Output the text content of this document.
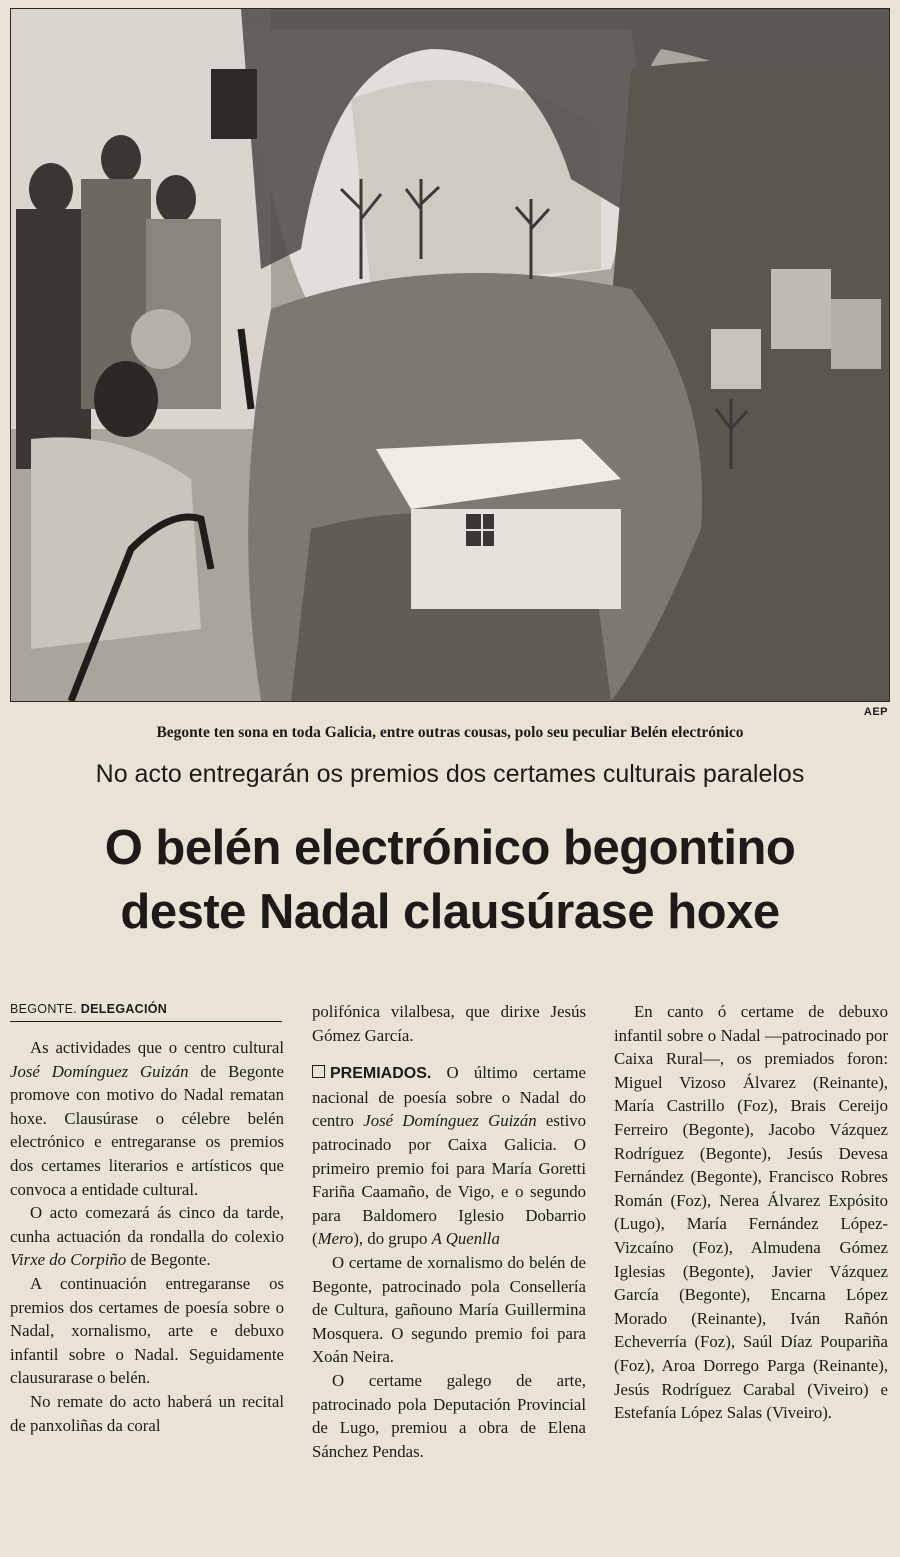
AEP
Begonte ten sona en toda Galicia, entre outras cousas, polo seu peculiar Belén electrónico
No acto entregarán os premios dos certames culturais paralelos
O belén electrónico begontino
deste Nadal clausúrase hoxe
BEGONTE. DELEGACIÓN

As actividades que o centro cultural José Domínguez Guizán de Begonte promove con motivo do Nadal rematan hoxe. Clausúrase o célebre belén electrónico e entregaranse os premios dos certames literarios e artísticos que convoca a entidade cultural.

O acto comezará ás cinco da tarde, cunha actuación da rondalla do colexio Virxe do Corpiño de Begonte.

A continuación entregaranse os premios dos certames de poesía sobre o Nadal, xornalismo, arte e debuxo infantil sobre o Nadal. Seguidamente clausurarase o belén.

No remate do acto haberá un recital de panxoliñas da coral

polifónica vilalbesa, que dirixe Jesús Gómez García.

PREMIADOS. O último certame nacional de poesía sobre o Nadal do centro José Domínguez Guizán estivo patrocinado por Caixa Galicia. O primeiro premio foi para María Goretti Fariña Caamaño, de Vigo, e o segundo para Baldomero Iglesio Dobarrio (Mero), do grupo A Quenlla

O certame de xornalismo do belén de Begonte, patrocinado pola Consellería de Cultura, gañouno María Guillermina Mosquera. O segundo premio foi para Xoán Neira.

O certame galego de arte, patrocinado pola Deputación Provincial de Lugo, premiou a obra de Elena Sánchez Pendas.

En canto ó certame de debuxo infantil sobre o Nadal —patrocinado por Caixa Rural—, os premiados foron: Miguel Vizoso Álvarez (Reinante), María Castrillo (Foz), Brais Cereijo Ferreiro (Begonte), Jacobo Vázquez Rodríguez (Begonte), Jesús Devesa Fernández (Begonte), Francisco Robres Román (Foz), Nerea Álvarez Expósito (Lugo), María Fernández López-Vizcaíno (Foz), Almudena Gómez Iglesias (Begonte), Javier Vázquez García (Begonte), Encarna López Morado (Reinante), Iván Rañón Echeverría (Foz), Saúl Díaz Poupariña (Foz), Aroa Dorrego Parga (Reinante), Jesús Rodríguez Carabal (Viveiro) e Estefanía López Salas (Viveiro).
